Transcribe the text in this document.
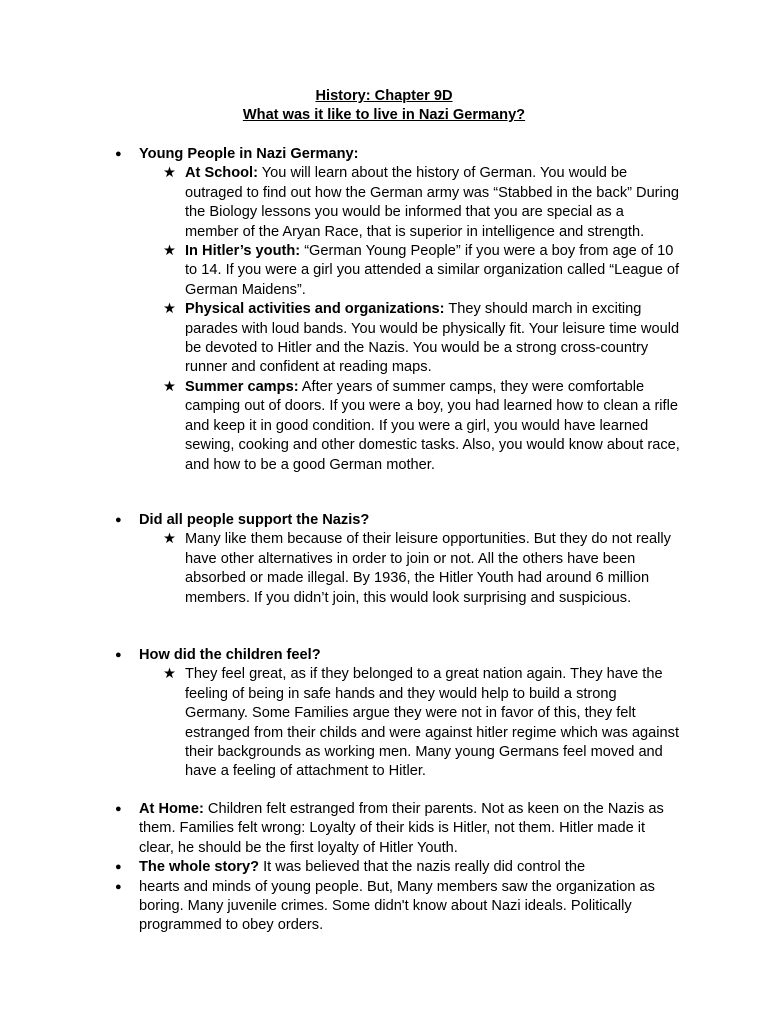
History: Chapter 9D
What was it like to live in Nazi Germany?
● Young People in Nazi Germany:
★ At School: You will learn about the history of German. You would be outraged to find out how the German army was “Stabbed in the back” During the Biology lessons you would be informed that you are special as a member of the Aryan Race, that is superior in intelligence and strength.
★ In Hitler’s youth: “German Young People” if you were a boy from age of 10 to 14. If you were a girl you attended a similar organization called “League of German Maidens”.
★ Physical activities and organizations: They should march in exciting parades with loud bands. You would be physically fit. Your leisure time would be devoted to Hitler and the Nazis. You would be a strong cross-country runner and confident at reading maps.
★ Summer camps: After years of summer camps, they were comfortable camping out of doors. If you were a boy, you had learned how to clean a rifle and keep it in good condition. If you were a girl, you would have learned sewing, cooking and other domestic tasks. Also, you would know about race, and how to be a good German mother.
● Did all people support the Nazis?
★ Many like them because of their leisure opportunities. But they do not really have other alternatives in order to join or not. All the others have been absorbed or made illegal. By 1936, the Hitler Youth had around 6 million members. If you didn’t join, this would look surprising and suspicious.
● How did the children feel?
★ They feel great, as if they belonged to a great nation again. They have the feeling of being in safe hands and they would help to build a strong Germany. Some Families argue they were not in favor of this, they felt estranged from their childs and were against hitler regime which was against their backgrounds as working men. Many young Germans feel moved and have a feeling of attachment to Hitler.
● At Home: Children felt estranged from their parents. Not as keen on the Nazis as them. Families felt wrong: Loyalty of their kids is Hitler, not them. Hitler made it clear, he should be the first loyalty of Hitler Youth.
● The whole story? It was believed that the nazis really did control the
● hearts and minds of young people. But, Many members saw the organization as boring. Many juvenile crimes. Some didn't know about Nazi ideals. Politically programmed to obey orders.
